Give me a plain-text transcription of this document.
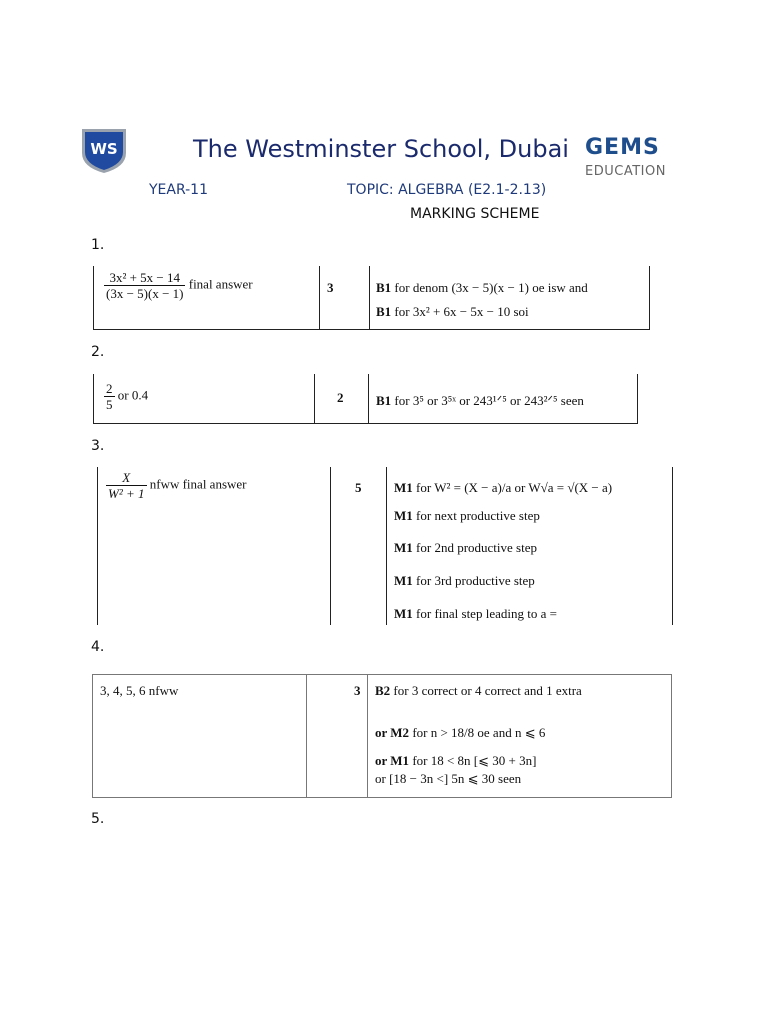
WS	The Westminster School, Dubai GEMS
EDUCATION
YEAR-11	TOPIC: ALGEBRA (E2.1-2.13)
MARKING SCHEME
1.
$\frac{\text{3x² + 5x − 14}}{(3x - 5)(x - 1)}$ final answer	3	B1 for denom (3x − 5)(x − 1) oe isw and
B1 for 3x² + 6x − 5x − 10 soi
2.
$\frac{2}{5}$ or 0.4	2	B1 for 3⁵ or 3⁵ˣ or 243¹ᐟ⁵ or 243²ᐟ⁵ seen
3.
$\frac{X}{\text{W² + 1}}$ nfww final answer	5	M1 for W² = (X − a)/a or W√a = √(X − a)
M1 for next productive step
M1 for 2nd productive step
M1 for 3rd productive step
M1 for final step leading to a =
4.
3, 4, 5, 6 nfww	3 B2 for 3 correct or 4 correct and 1 extra
or M2 for n > 18/8 oe and n ⩽ 6
or M1 for 18 < 8n [⩽ 30 + 3n]
or [18 − 3n <] 5n ⩽ 30 seen
5.
